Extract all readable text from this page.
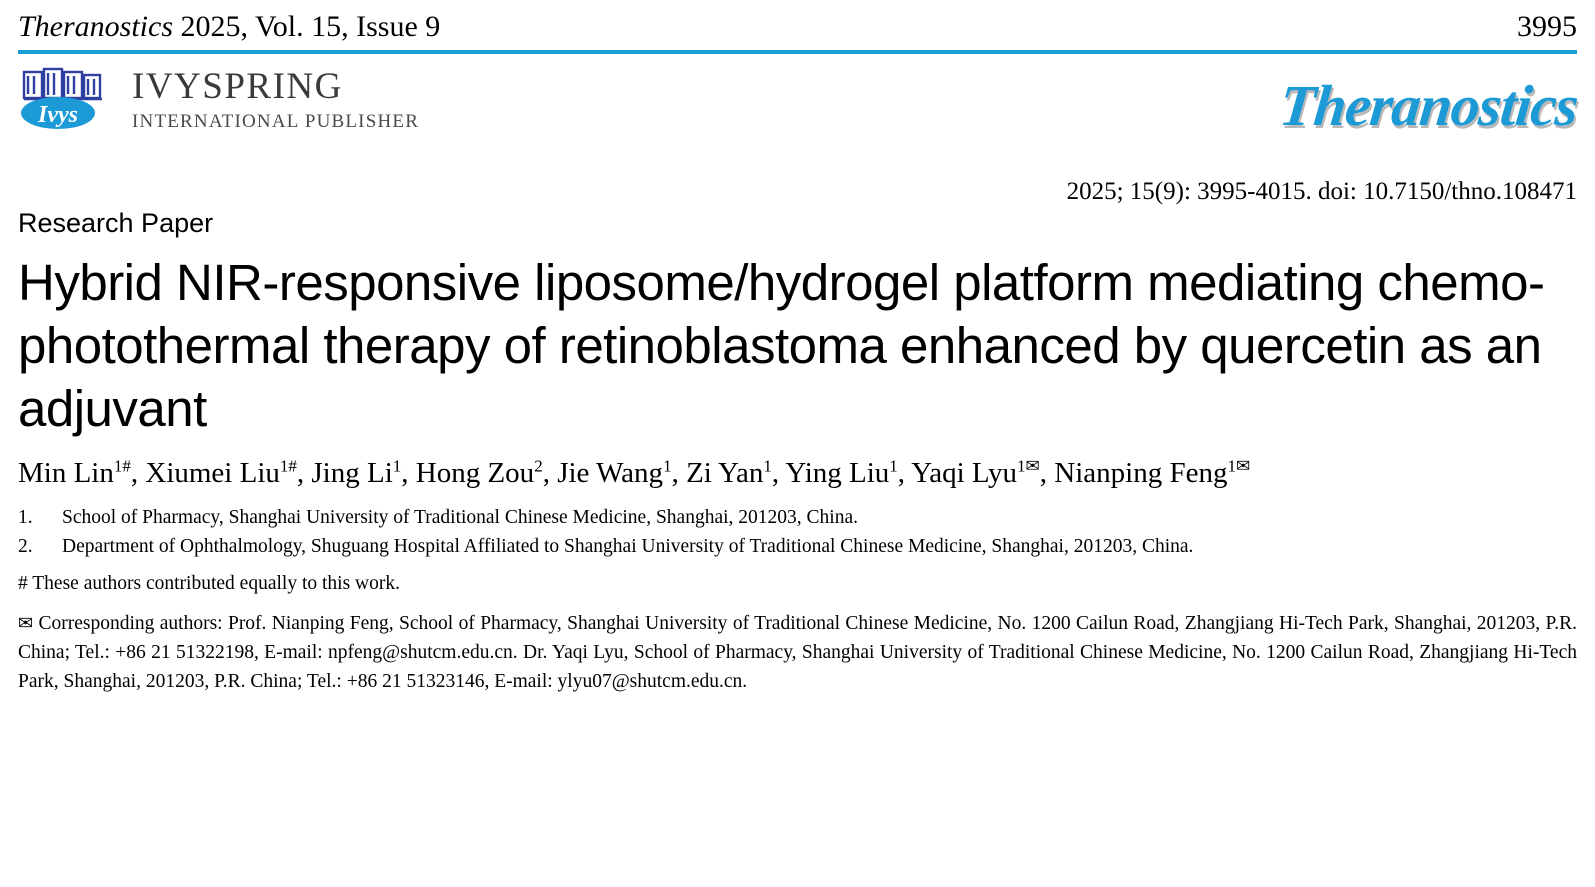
Theranostics 2025, Vol. 15, Issue 9	3995
Ivys
IVYSPRING
INTERNATIONAL PUBLISHER	Theranostics
2025; 15(9): 3995-4015. doi: 10.7150/thno.108471
Research Paper
Hybrid NIR-responsive liposome/hydrogel platform mediating chemo-photothermal therapy of retinoblastoma enhanced by quercetin as an adjuvant
Min Lin$^{1\#}$, Xiumei Liu$^{1\#}$, Jing Li$^1$, Hong Zou$^2$, Jie Wang$^1$, Zi Yan$^1$, Ying Liu$^1$, Yaqi Lyu$^{1✉}$, Nianping Feng$^{1✉}$
1.	School of Pharmacy, Shanghai University of Traditional Chinese Medicine, Shanghai, 201203, China.
2.	Department of Ophthalmology, Shuguang Hospital Affiliated to Shanghai University of Traditional Chinese Medicine, Shanghai, 201203, China.
# These authors contributed equally to this work.
✉ Corresponding authors: Prof. Nianping Feng, School of Pharmacy, Shanghai University of Traditional Chinese Medicine, No. 1200 Cailun Road, Zhangjiang Hi-Tech Park, Shanghai, 201203, P.R. China; Tel.: +86 21 51322198, E-mail: npfeng@shutcm.edu.cn. Dr. Yaqi Lyu, School of Pharmacy, Shanghai University of Traditional Chinese Medicine, No. 1200 Cailun Road, Zhangjiang Hi-Tech Park, Shanghai, 201203, P.R. China; Tel.: +86 21 51323146, E-mail: ylyu07@shutcm.edu.cn.
